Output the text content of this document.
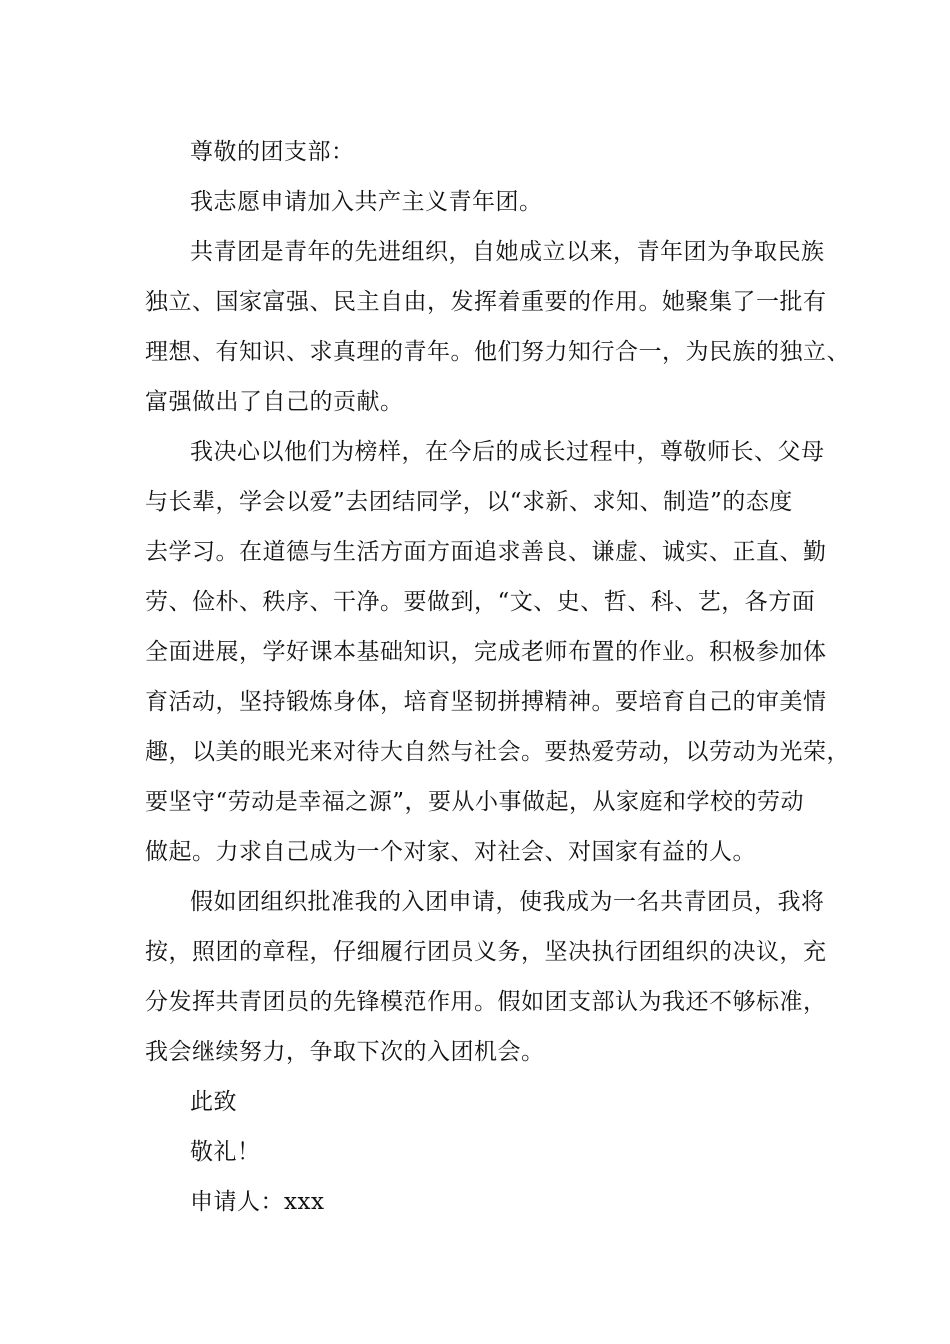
尊敬的团支部：
我志愿申请加入共产主义青年团。
共青团是青年的先进组织，自她成立以来，青年团为争取民族
独立、国家富强、民主自由，发挥着重要的作用。她聚集了一批有
理想、有知识、求真理的青年。他们努力知行合一，为民族的独立、
富强做出了自己的贡献。
我决心以他们为榜样，在今后的成长过程中，尊敬师长、父母
与长辈，学会以爱”去团结同学，以“求新、求知、制造”的态度
去学习。在道德与生活方面方面追求善良、谦虚、诚实、正直、勤
劳、俭朴、秩序、干净。要做到，“文、史、哲、科、艺，各方面
全面进展，学好课本基础知识，完成老师布置的作业。积极参加体
育活动，坚持锻炼身体，培育坚韧拼搏精神。要培育自己的审美情
趣，以美的眼光来对待大自然与社会。要热爱劳动，以劳动为光荣，
要坚守“劳动是幸福之源”，要从小事做起，从家庭和学校的劳动
做起。力求自己成为一个对家、对社会、对国家有益的人。
假如团组织批准我的入团申请，使我成为一名共青团员，我将
按，照团的章程，仔细履行团员义务，坚决执行团组织的决议，充
分发挥共青团员的先锋模范作用。假如团支部认为我还不够标准，
我会继续努力，争取下次的入团机会。
此致
敬礼！
申请人：xxx
